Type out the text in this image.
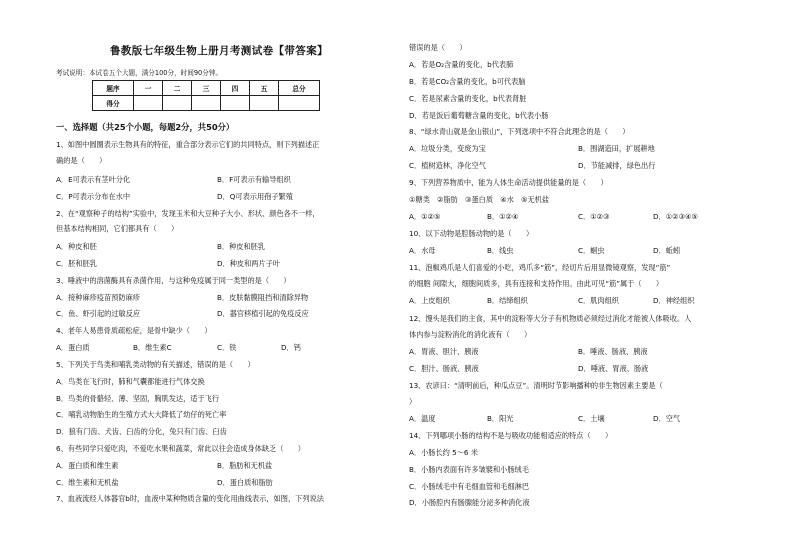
鲁教版七年级生物上册月考测试卷【带答案】
考试说明：本试卷五个大题，满分100分，时间90分钟。
题序	一	二	三	四	五	总分
得分						
一、选择题（共25个小题，每题2分，共50分）
1、如图中圆圈表示生物具有的特征，重合部分表示它们的共同特点，则下列描述正
确的是（　　）
A．E可表示有茎叶分化	B．F可表示有输导组织
C．P可表示分布在水中	D．Q可表示用孢子繁殖
2、在“观察种子的结构”实验中，发现玉米和大豆种子大小、形状、颜色各不一样，
但基本结构相同，它们都具有（　　）
A．种皮和胚	B．种皮和胚乳
C．胚和胚乳	D．种皮和两片子叶
3、唾液中的溶菌酶具有杀菌作用，与这种免疫属于同一类型的是（　　）
A．接种麻疹疫苗预防麻疹	B．皮肤黏膜阻挡和清除异物
C．鱼、虾引起的过敏反应	D．器官移植引起的免疫反应
4、老年人易患骨质疏松症，是骨中缺少（　　）
A．蛋白质	B．维生素C	C．铁	D．钙
5、下列关于鸟类和哺乳类动物的有关描述，错误的是（　　）
A．鸟类在飞行时，肺和气囊都能进行气体交换
B．鸟类的骨骼轻、薄、坚固，胸肌发达，适于飞行
C．哺乳动物胎生的生殖方式大大降低了幼仔的死亡率
D．狼有门齿、犬齿、臼齿的分化，兔只有门齿、臼齿
6、有些同学只爱吃肉，不爱吃水果和蔬菜，常此以往会造成身体缺乏（　　）
A．蛋白质和维生素	B．脂肪和无机盐
C．维生素和无机盐	D．蛋白质和脂肪
7、血液流经人体器官b时，血液中某种物质含量的变化用曲线表示，如图，下列说法
错误的是（　　）
A．若是O₂含量的变化，b代表肺
B．若是CO₂含量的变化，b可代表脑
C．若是尿素含量的变化，b代表肾脏
D．若是饭后葡萄糖含量的变化，b代表小肠
8、“绿水青山就是金山银山”，下列选项中不符合此理念的是（　　）
A．垃圾分类，变废为宝	B．围湖造田，扩展耕地
C．植树造林，净化空气	D．节能减排，绿色出行
9、下列营养物质中，能为人体生命活动提供能量的是（　　）
①糖类　②脂肪　③蛋白质　④水　⑤无机盐
A．①②⑤	B．①②④	C．①②③	D．①②③④⑤
10、以下动物是腔肠动物的是（　　）
A．水母	B．线虫	C．蛔虫	D．蚯蚓
11、泡椒鸡爪是人们喜爱的小吃，鸡爪多“筋”，经切片后用显微镜观察，发现“筋”
的细胞 间隙大，细胞间质多，具有连接和支持作用。由此可见“筋”属于（　　）
A．上皮组织	B．结缔组织	C．肌肉组织	D．神经组织
12、馒头是我们的主食，其中的淀粉等大分子有机物质必须经过消化才能被人体吸收。人
体内参与淀粉消化的消化液有（　　）
A．胃液、胆汁、胰液	B．唾液、肠液、胰液
C．胆汁、肠液、胰液	D．唾液、胃液、肠液
13、农谚曰：“清明前后，种瓜点豆”。清明时节影响播种的非生物因素主要是（
）
A．温度	B．阳光	C．土壤	D．空气
14、下列哪项小肠的结构不是与吸收功能相适应的特点（　　）
A．小肠长约 5～6 米
B．小肠内表面有许多皱襞和小肠绒毛
C．小肠绒毛中有毛细血管和毛细淋巴
D．小肠腔内有肠腺能分泌多种消化液
